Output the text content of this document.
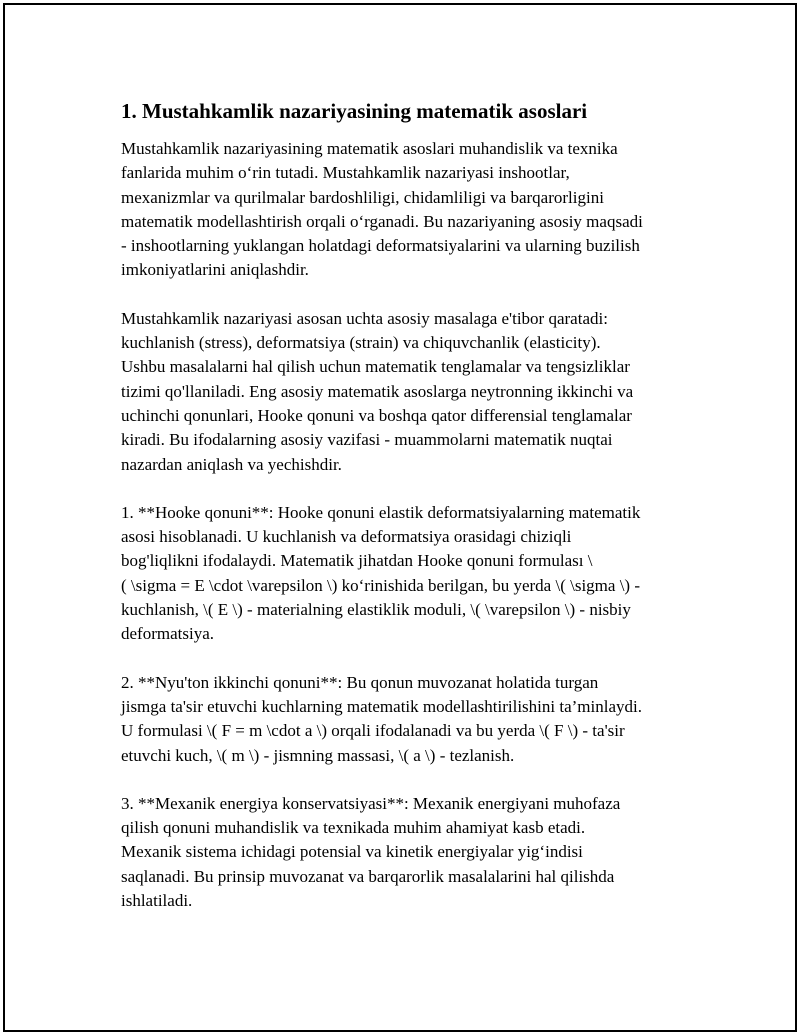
1. Mustahkamlik nazariyasining matematik asoslari

Mustahkamlik nazariyasining matematik asoslari muhandislik va texnika
fanlarida muhim o‘rin tutadi. Mustahkamlik nazariyasi inshootlar,
mexanizmlar va qurilmalar bardoshliligi, chidamliligi va barqarorligini
matematik modellashtirish orqali o‘rganadi. Bu nazariyaning asosiy maqsadi
- inshootlarning yuklangan holatdagi deformatsiyalarini va ularning buzilish
imkoniyatlarini aniqlashdir.

Mustahkamlik nazariyasi asosan uchta asosiy masalaga e'tibor qaratadi:
kuchlanish (stress), deformatsiya (strain) va chiquvchanlik (elasticity).
Ushbu masalalarni hal qilish uchun matematik tenglamalar va tengsizliklar
tizimi qo'llaniladi. Eng asosiy matematik asoslarga neytronning ikkinchi va
uchinchi qonunlari, Hooke qonuni va boshqa qator differensial tenglamalar
kiradi. Bu ifodalarning asosiy vazifasi - muammolarni matematik nuqtai
nazardan aniqlash va yechishdir.

1. **Hooke qonuni**: Hooke qonuni elastik deformatsiyalarning matematik
asosi hisoblanadi. U kuchlanish va deformatsiya orasidagi chiziqli
bog'liqlikni ifodalaydi. Matematik jihatdan Hooke qonuni formulası \
( \sigma = E \cdot \varepsilon \) ko‘rinishida berilgan, bu yerda \( \sigma \) -
kuchlanish, \( E \) - materialning elastiklik moduli, \( \varepsilon \) - nisbiy
deformatsiya.

2. **Nyu'ton ikkinchi qonuni**: Bu qonun muvozanat holatida turgan
jismga ta'sir etuvchi kuchlarning matematik modellashtirilishini ta’minlaydi.
U formulasi \( F = m \cdot a \) orqali ifodalanadi va bu yerda \( F \) - ta'sir
etuvchi kuch, \( m \) - jismning massasi, \( a \) - tezlanish.

3. **Mexanik energiya konservatsiyasi**: Mexanik energiyani muhofaza
qilish qonuni muhandislik va texnikada muhim ahamiyat kasb etadi.
Mexanik sistema ichidagi potensial va kinetik energiyalar yig‘indisi
saqlanadi. Bu prinsip muvozanat va barqarorlik masalalarini hal qilishda
ishlatiladi.
